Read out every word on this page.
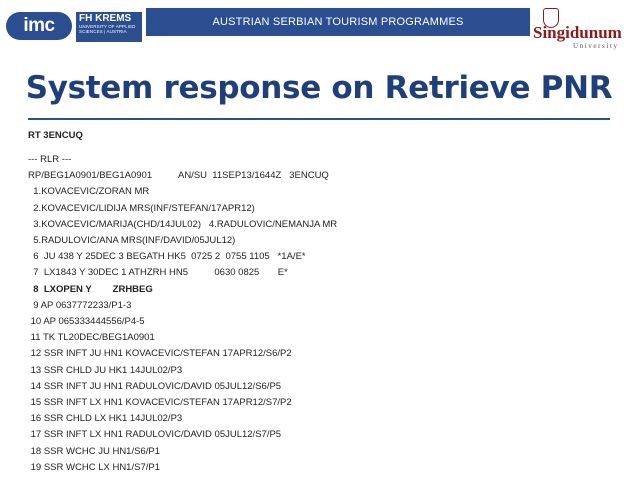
imc	FH KREMS
UNIVERSITY OF APPLIED SCIENCES | AUSTRIA
AUSTRIAN SERBIAN TOURISM PROGRAMMES
Singidunum
University
System response on Retrieve PNR
RT 3ENCUQ
--- RLR ---
RP/BEG1A0901/BEG1A0901          AN/SU  11SEP13/1644Z   3ENCUQ
1.KOVACEVIC/ZORAN MR
2.KOVACEVIC/LIDIJA MRS(INF/STEFAN/17APR12)
3.KOVACEVIC/MARIJA(CHD/14JUL02)   4.RADULOVIC/NEMANJA MR
5.RADULOVIC/ANA MRS(INF/DAVID/05JUL12)
6  JU 438 Y 25DEC 3 BEGATH HK5  0725 2  0755 1105   *1A/E*
7  LX1843 Y 30DEC 1 ATHZRH HN5          0630 0825       E*
8  LXOPEN Y        ZRHBEG
9 AP 0637772233/P1-3
10 AP 065333444556/P4-5
11 TK TL20DEC/BEG1A0901
12 SSR INFT JU HN1 KOVACEVIC/STEFAN 17APR12/S6/P2
13 SSR CHLD JU HK1 14JUL02/P3
14 SSR INFT JU HN1 RADULOVIC/DAVID 05JUL12/S6/P5
15 SSR INFT LX HN1 KOVACEVIC/STEFAN 17APR12/S7/P2
16 SSR CHLD LX HK1 14JUL02/P3
17 SSR INFT LX HN1 RADULOVIC/DAVID 05JUL12/S7/P5
18 SSR WCHC JU HN1/S6/P1
19 SSR WCHC LX HN1/S7/P1
